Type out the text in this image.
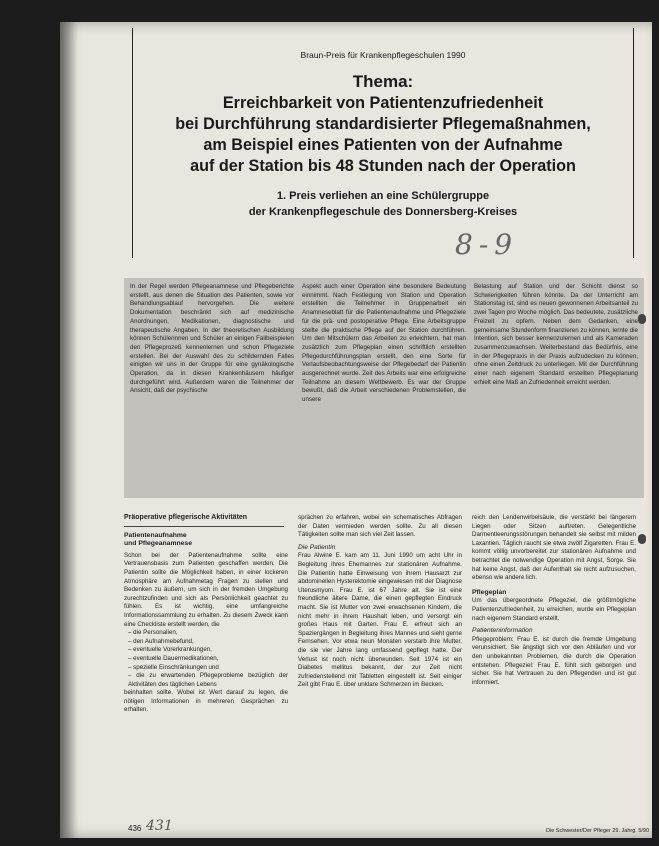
Braun-Preis für Krankenpflegeschulen 1990
Thema:
Erreichbarkeit von Patientenzufriedenheit
bei Durchführung standardisierter Pflegemaßnahmen,
am Beispiel eines Patienten von der Aufnahme
auf der Station bis 48 Stunden nach der Operation
1. Preis verliehen an eine Schülergruppe
der Krankenpflegeschule des Donnersberg-Kreises
8-9
In der Regel werden Pflegeanamnese und Pflegeberichte erstellt, aus denen die Situation des Patienten, sowie vor Behandlungsablauf hervorgehen. Die weitere Dokumentation beschränkt sich auf medizinische Anordnungen, Medikationen, diagnostische und therapeutische Angaben. In der theoretischen Ausbildung können Schülerinnen und Schüler an einigen Fallbeispielen den Pflegeprozeß kennenlernen und schon Pflegeziele erstellen. Bei der Auswahl des zu schildernden Falles einigten wir uns in der Gruppe für eine gynäkologische Operation, da in diesen Krankenhäusern häufiger durchgeführt wird. Außerdem waren die Teilnehmer der Ansicht, daß der psychische
Aspekt auch einer Operation eine besondere Bedeutung einnimmt. Nach Festlegung von Station und Operation erstellten die Teilnehmer in Gruppenarbeit ein Anamneseblatt für die Patientenaufnahme und Pflegeziele für die prä- und postoperative Pflege. Eine Arbeitsgruppe stellte die praktische Pflege auf der Station durchführen. Um den Mitschülern das Arbeiten zu erleichtern, hat man zusätzlich zum Pflegeplan einen schriftlich erstellten Pflegedurchführungsplan erstellt, den eine Sorte für Verlaufsbeobachtungsweise der Pflegebedarf der Patientin ausgerechnet wurde. Zeit des Arbeits war eine erfolgreiche Teilnahme an diesem Wettbewerb. Es war der Gruppe bewußt, daß die Arbeit verschiedenen Problemstellen, die unsere
Belastung auf Station und der Schicht dienst so Schwierigkeiten führen könnte. Da der Unterricht am Stationstag ist, sind es neuen gewonnenen Arbeitsanteil zu zwei Tagen pro Woche möglich. Das bedeutete, zusätzliche Freizeit zu opfern. Neben dem Gedanken, eine gemeinsame Stundenform finanzieren zu können, lernte die Intention, sich besser kennenzulernen und als Kameraden zusammenzuwachsen. Weiterbestand das Bedürfnis, eine in der Pflegepraxis in der Praxis aufzudecken zu können, ohne einen Zeitdruck zu unterliegen. Mit der Durchführung einer nach eigenem Standard erstellten Pflegeplanung erhielt eine Maß an Zufriedenheit erreicht werden.
Präoperative pflegerische Aktivitäten
Patientenaufnahme
und Pflegeanamnese
Schon bei der Patientenaufnahme sollte eine Vertrauensbasis zum Patienten geschaffen werden. Die Patientin sollte die Möglichkeit haben, in einer lockeren Atmosphäre am Aufnahmetag Fragen zu stellen und Bedenken zu äußern, um sich in der fremden Umgebung zurechtzufinden und sich als Persönlichkeit geachtet zu fühlen. Es ist wichtig, eine umfangreiche Informationssammlung zu erhalten. Zu diesem Zweck kann eine Checkliste erstellt werden, die
– die Personalien,
– den Aufnahmebefund,
– eventuelle Vorerkrankungen,
– eventuelle Dauermedikationen,
– spezielle Einschränkungen und
– die zu erwartenden Pflegeprobleme bezüglich der Aktivitäten des täglichen Lebens
beinhalten sollte. Wobei ist Wert darauf zu legen, die nötigen Informationen in mehreren Gesprächen zu erhalten.
sprächen zu erfahren, wobei ein schematisches Abfragen der Daten vermieden werden sollte. Zu all diesen Tätigkeiten sollte man sich viel Zeit lassen.
Die Patientin
Frau Alwine E. kam am 11. Juni 1990 um acht Uhr in Begleitung ihres Ehemannes zur stationären Aufnahme. Die Patientin hatte Einweisung von ihrem Hausarzt zur abdominellen Hysterektomie eingewiesen mit der Diagnose Uterusmyom. Frau E. ist 67 Jahre alt. Sie ist eine freundliche ältere Dame, die einen gepflegten Eindruck macht. Sie ist Mutter von zwei erwachsenen Kindern, die nicht mehr in ihrem Haushalt leben, und versorgt ein großes Haus mit Garten. Frau E. erfreut sich an Spaziergängen in Begleitung ihres Mannes und sieht gerne Fernsehen. Vor etwa neun Monaten verstarb ihre Mutter, die sie vier Jahre lang umfassend gepflegt hatte. Der Verlust ist noch nicht überwunden. Seit 1974 ist ein Diabetes mellitus bekannt, der zur Zeit nicht zufriedenstellend mit Tabletten eingestellt ist. Seit einiger Zeit gibt Frau E. über unklare Schmerzen im Becken.
reich den Lendenwirbelsäule, die verstärkt bei längerem Liegen oder Sitzen auftreten. Gelegentliche Darmentleerungsstörungen behandelt sie selbst mit milden Laxantien. Täglich raucht sie etwa zwölf Zigaretten. Frau E. kommt völlig unvorbereitet zur stationären Aufnahme und betrachtet die notwendige Operation mit Angst, Sorge. Sie hat keine Angst, daß der Aufenthalt sie nicht aufzusuchen, ebenso wie andere lich.
Pflegeplan
Um das übergeordnete Pflegeziel, die größtmögliche Patientenzufriedenheit, zu erreichen, wurde ein Pflegeplan nach eigenem Standard erstellt.
Patienteninformation
Pflegeproblem: Frau E. ist durch die fremde Umgebung verunsichert. Sie ängstigt sich vor den Abläufen und vor den unbekannten Problemen, die durch die Operation entstehen. Pflegeziel: Frau E. fühlt sich geborgen und sicher. Sie hat Vertrauen zu den Pflegenden und ist gut informiert.
436 431	Die Schwester/Der Pfleger 29. Jahrg. 5/90
